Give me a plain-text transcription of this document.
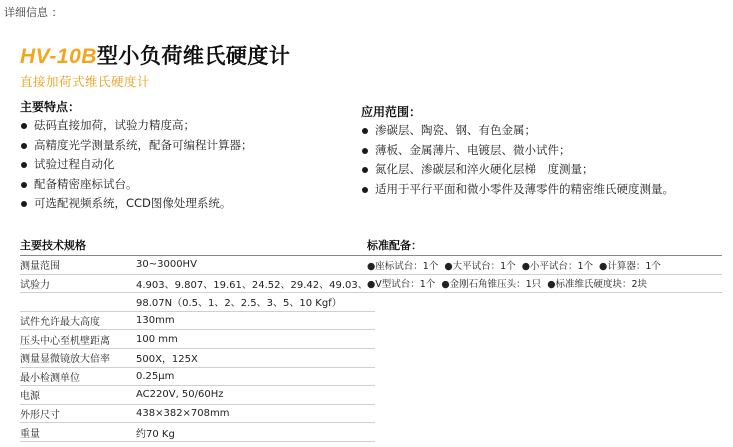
详细信息 ：
HV-10B型小负荷维氏硬度计
直接加荷式维氏硬度计
主要特点：
砝码直接加荷，试验力精度高；
高精度光学测量系统，配备可编程计算器；
试验过程自动化
配备精密座标试台。
可选配视频系统，CCD图像处理系统。
应用范围：
渗碳层、陶瓷、钢、有色金属；
薄板、金属薄片、电镀层、微小试件；
氮化层、渗碳层和淬火硬化层梯　度测量；
适用于平行平面和微小零件及薄零件的精密维氏硬度测量。
主要技术规格
测量范围	30~3000HV
试验力	4.903、9.807、19.61、24.52、29.42、49.03、
98.07N（0.5、1、2、2.5、3、5、10 Kgf）
试件允许最大高度	130mm
压头中心至机壁距离	100 mm
测量显微镜放大倍率	500X，125X
最小检测单位	0.25μm
电源	AC220V, 50/60Hz
外形尺寸	438×382×708mm
重量	约70 Kg
标准配备：
●座标试台：1个 ●大平试台：1个 ●小平试台：1个 ●计算器：1个
●V型试台：1个 ●金刚石角锥压头：1只 ●标准维氏硬度块：2块
